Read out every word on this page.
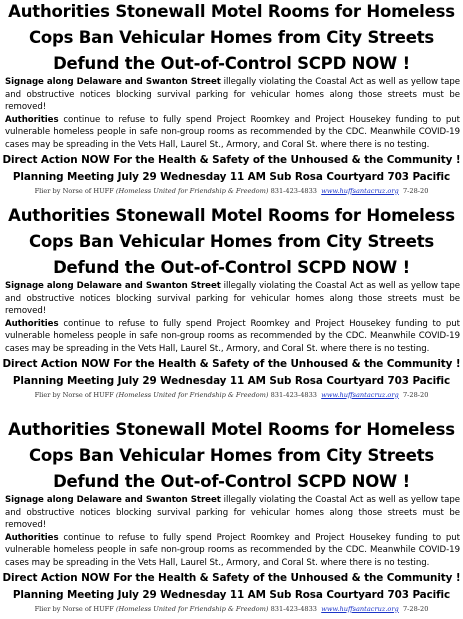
Authorities Stonewall Motel Rooms for Homeless
Cops Ban Vehicular Homes from City Streets
Defund the Out-of-Control SCPD NOW !
Signage along Delaware and Swanton Street illegally violating the Coastal Act as well as yellow tape and obstructive notices blocking survival parking for vehicular homes along those streets must be removed!
Authorities continue to refuse to fully spend Project Roomkey and Project Housekey funding to put vulnerable homeless people in safe non-group rooms as recommended by the CDC. Meanwhile COVID-19 cases may be spreading in the Vets Hall, Laurel St., Armory, and Coral St. where there is no testing.
Direct Action NOW For the Health & Safety of the Unhoused & the Community !
Planning Meeting July 29 Wednesday 11 AM Sub Rosa Courtyard 703 Pacific
Flier by Norse of HUFF (Homeless United for Friendship & Freedom) 831-423-4833 www.huffsantacruz.org 7-28-20
Authorities Stonewall Motel Rooms for Homeless
Cops Ban Vehicular Homes from City Streets
Defund the Out-of-Control SCPD NOW !
Signage along Delaware and Swanton Street illegally violating the Coastal Act as well as yellow tape and obstructive notices blocking survival parking for vehicular homes along those streets must be removed!
Authorities continue to refuse to fully spend Project Roomkey and Project Housekey funding to put vulnerable homeless people in safe non-group rooms as recommended by the CDC. Meanwhile COVID-19 cases may be spreading in the Vets Hall, Laurel St., Armory, and Coral St. where there is no testing.
Direct Action NOW For the Health & Safety of the Unhoused & the Community !
Planning Meeting July 29 Wednesday 11 AM Sub Rosa Courtyard 703 Pacific
Flier by Norse of HUFF (Homeless United for Friendship & Freedom) 831-423-4833 www.huffsantacruz.org 7-28-20
Authorities Stonewall Motel Rooms for Homeless
Cops Ban Vehicular Homes from City Streets
Defund the Out-of-Control SCPD NOW !
Signage along Delaware and Swanton Street illegally violating the Coastal Act as well as yellow tape and obstructive notices blocking survival parking for vehicular homes along those streets must be removed!
Authorities continue to refuse to fully spend Project Roomkey and Project Housekey funding to put vulnerable homeless people in safe non-group rooms as recommended by the CDC. Meanwhile COVID-19 cases may be spreading in the Vets Hall, Laurel St., Armory, and Coral St. where there is no testing.
Direct Action NOW For the Health & Safety of the Unhoused & the Community !
Planning Meeting July 29 Wednesday 11 AM Sub Rosa Courtyard 703 Pacific
Flier by Norse of HUFF (Homeless United for Friendship & Freedom) 831-423-4833 www.huffsantacruz.org 7-28-20
